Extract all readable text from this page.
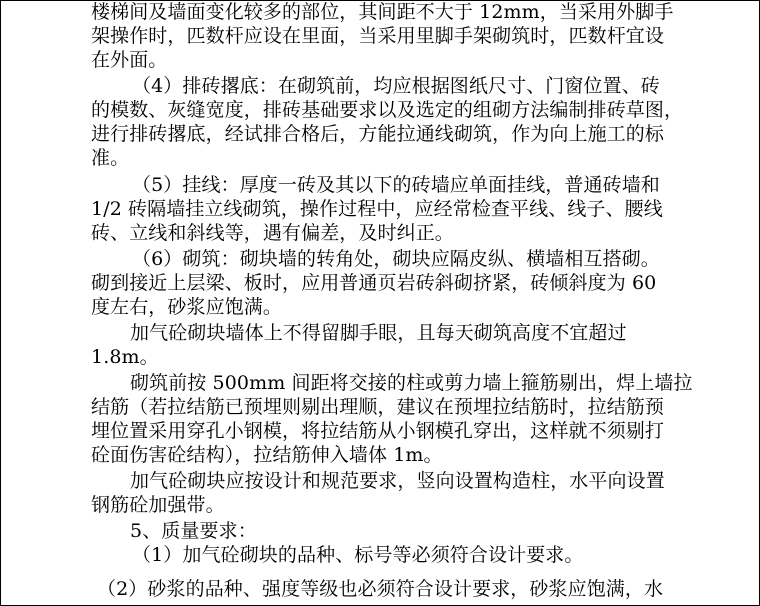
楼梯间及墙面变化较多的部位，其间距不大于 12mm，当采用外脚手
架操作时，匹数杆应设在里面，当采用里脚手架砌筑时，匹数杆宜设
在外面。
（4）排砖撂底：在砌筑前，均应根据图纸尺寸、门窗位置、砖
的模数、灰缝宽度，排砖基础要求以及选定的组砌方法编制排砖草图，
进行排砖撂底，经试排合格后，方能拉通线砌筑，作为向上施工的标
准。
（5）挂线：厚度一砖及其以下的砖墙应单面挂线，普通砖墙和
1/2 砖隔墙挂立线砌筑，操作过程中，应经常检查平线、线子、腰线
砖、立线和斜线等，遇有偏差，及时纠正。
（6）砌筑：砌块墙的转角处，砌块应隔皮纵、横墙相互搭砌。
砌到接近上层梁、板时，应用普通页岩砖斜砌挤紧，砖倾斜度为 60
度左右，砂浆应饱满。
加气砼砌块墙体上不得留脚手眼，且每天砌筑高度不宜超过
1.8m。
砌筑前按 500mm 间距将交接的柱或剪力墙上箍筋剔出，焊上墙拉
结筋（若拉结筋已预埋则剔出理顺，建议在预埋拉结筋时，拉结筋预
埋位置采用穿孔小钢模，将拉结筋从小钢模孔穿出，这样就不须剔打
砼面伤害砼结构），拉结筋伸入墙体 1m。
加气砼砌块应按设计和规范要求，竖向设置构造柱，水平向设置
钢筋砼加强带。
5、质量要求：
（1）加气砼砌块的品种、标号等必须符合设计要求。
（2）砂浆的品种、强度等级也必须符合设计要求，砂浆应饱满，水
